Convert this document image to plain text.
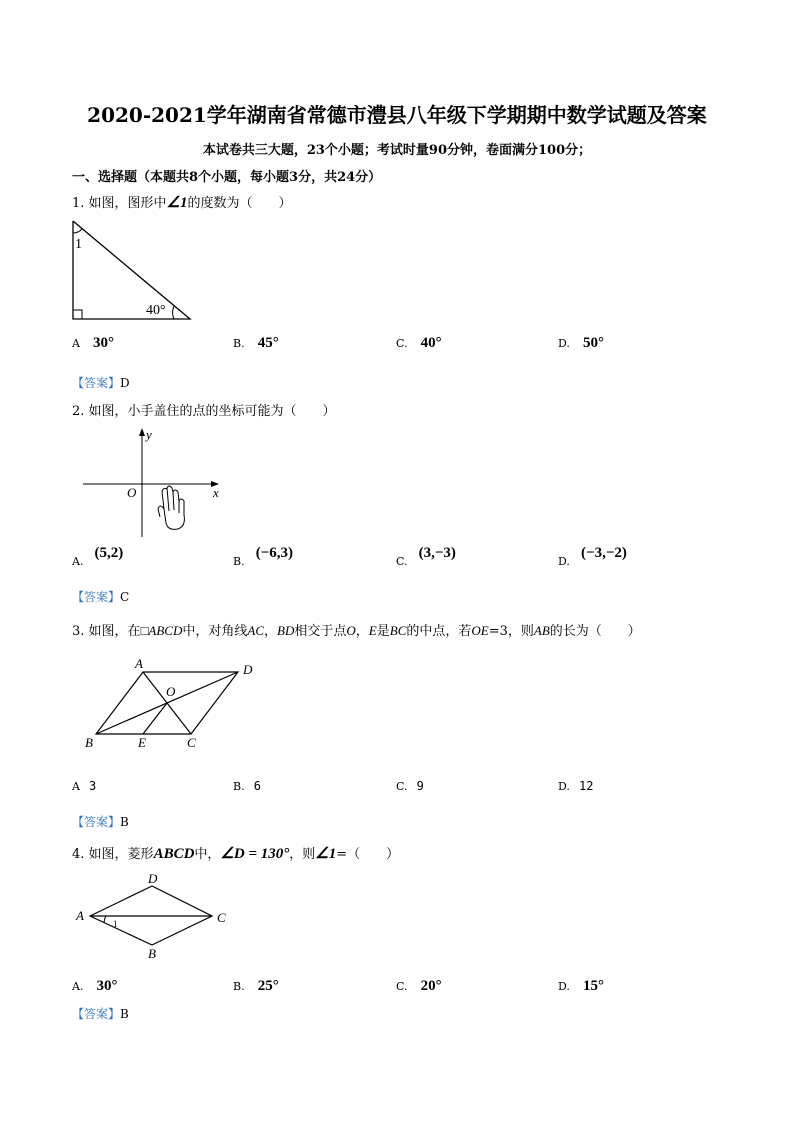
2020-2021学年湖南省常德市澧县八年级下学期期中数学试题及答案
本试卷共三大题，23个小题；考试时量90分钟，卷面满分100分；
一、选择题（本题共8个小题，每小题3分，共24分）
1. 如图，图形中∠1的度数为（　　）
1
40°
A 30°	B. 45°	C. 40°	D. 50°
【答案】D
2. 如图，小手盖住的点的坐标可能为（　　）
y
x
O
A. (5,2)
B. (−6,3)
C. (3,−3)
D. (−3,−2)
【答案】C
3. 如图，在□ABCD中，对角线AC，BD相交于点O，E是BC的中点，若OE=3，则AB的长为（　　）
A	D
O
B	E	C
A 3	B. 6	C. 9	D. 12
【答案】B
4. 如图，菱形ABCD中，∠D = 130°，则∠1=（　　）
1
A
D
C
B
A. 30°	B. 25°	C. 20°	D. 15°
【答案】B
